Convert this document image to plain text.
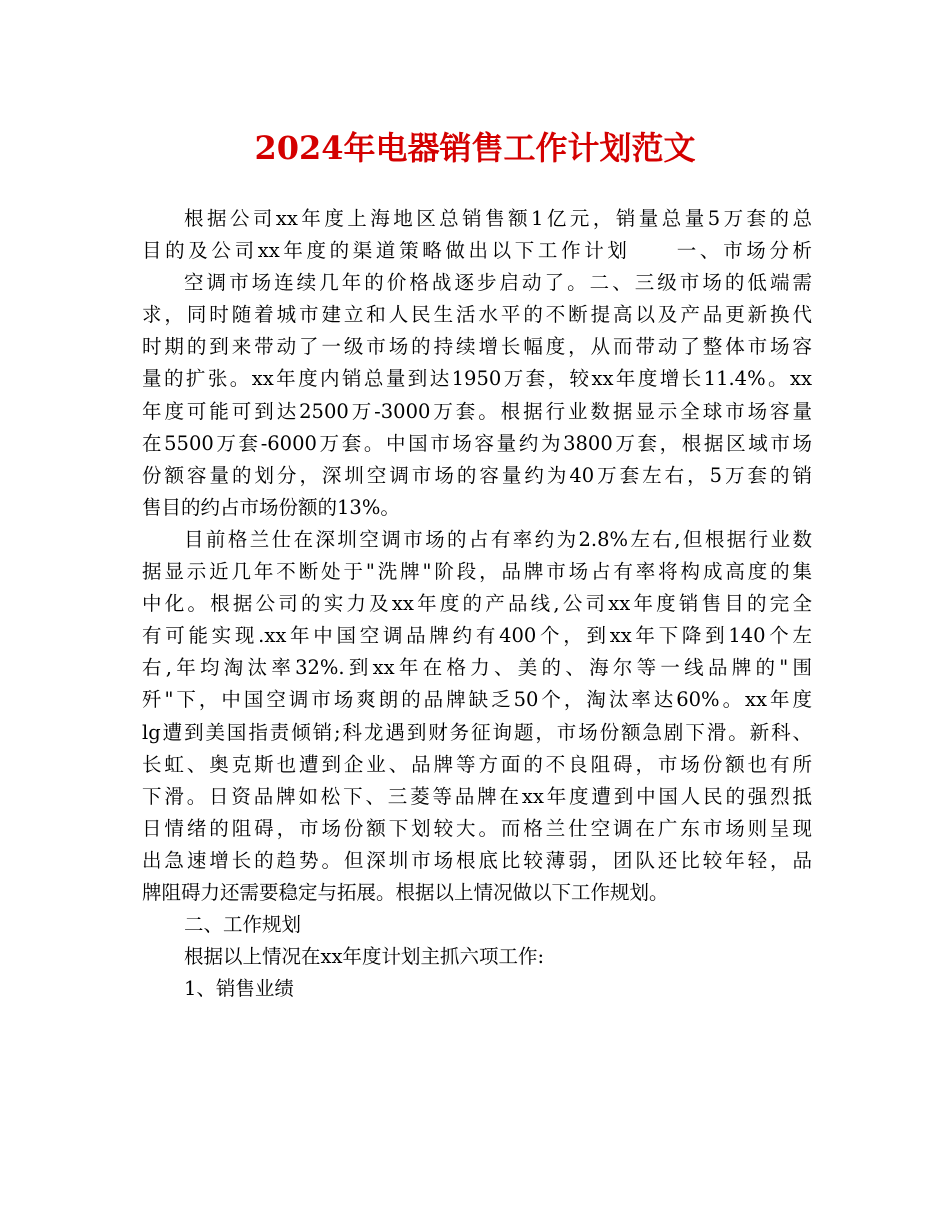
2024年电器销售工作计划范文
根据公司xx年度上海地区总销售额1亿元，销量总量5万套的总
目的及公司xx年度的渠道策略做出以下工作计划　　一、市场分析
空调市场连续几年的价格战逐步启动了。二、三级市场的低端需
求，同时随着城市建立和人民生活水平的不断提高以及产品更新换代
时期的到来带动了一级市场的持续增长幅度，从而带动了整体市场容
量的扩张。xx年度内销总量到达1950万套，较xx年度增长11.4%。xx
年度可能可到达2500万-3000万套。根据行业数据显示全球市场容量
在5500万套-6000万套。中国市场容量约为3800万套，根据区域市场
份额容量的划分，深圳空调市场的容量约为40万套左右，5万套的销
售目的约占市场份额的13%。
目前格兰仕在深圳空调市场的占有率约为2.8%左右,但根据行业数
据显示近几年不断处于"洗牌"阶段，品牌市场占有率将构成高度的集
中化。根据公司的实力及xx年度的产品线,公司xx年度销售目的完全
有可能实现.xx年中国空调品牌约有400个，到xx年下降到140个左
右,年均淘汰率32%.到xx年在格力、美的、海尔等一线品牌的"围
歼"下，中国空调市场爽朗的品牌缺乏50个，淘汰率达60%。xx年度
lg遭到美国指责倾销;科龙遇到财务征询题，市场份额急剧下滑。新科、
长虹、奥克斯也遭到企业、品牌等方面的不良阻碍，市场份额也有所
下滑。日资品牌如松下、三菱等品牌在xx年度遭到中国人民的强烈抵
日情绪的阻碍，市场份额下划较大。而格兰仕空调在广东市场则呈现
出急速增长的趋势。但深圳市场根底比较薄弱，团队还比较年轻，品
牌阻碍力还需要稳定与拓展。根据以上情况做以下工作规划。
二、工作规划
根据以上情况在xx年度计划主抓六项工作:
1、销售业绩
